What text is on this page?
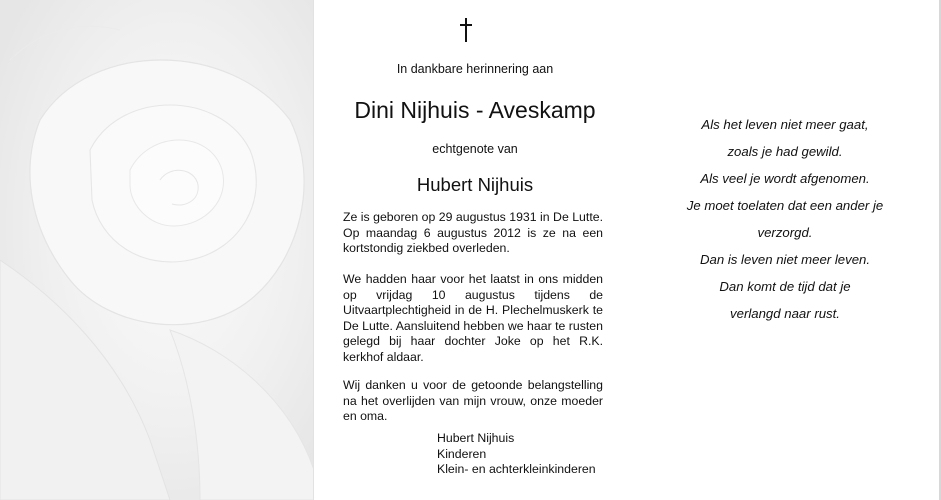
In dankbare herinnering aan
Dini Nijhuis - Aveskamp
echtgenote van
Hubert Nijhuis
Ze is geboren op 29 augustus 1931 in De Lutte. Op maandag 6 augustus 2012 is ze na een kortstondig ziekbed overleden.
We hadden haar voor het laatst in ons midden op vrijdag 10 augustus tijdens de Uitvaartplechtigheid in de H. Plechelmuskerk te De Lutte. Aansluitend hebben we haar te rusten gelegd bij haar dochter Joke op het R.K. kerkhof aldaar.
Wij danken u voor de getoonde belangstelling na het overlijden van mijn vrouw, onze moeder en oma.
Hubert Nijhuis
Kinderen
Klein- en achterkleinkinderen
Als het leven niet meer gaat,
zoals je had gewild.
Als veel je wordt afgenomen.
Je moet toelaten dat een ander je
verzorgd.
Dan is leven niet meer leven.
Dan komt de tijd dat je
verlangd naar rust.
